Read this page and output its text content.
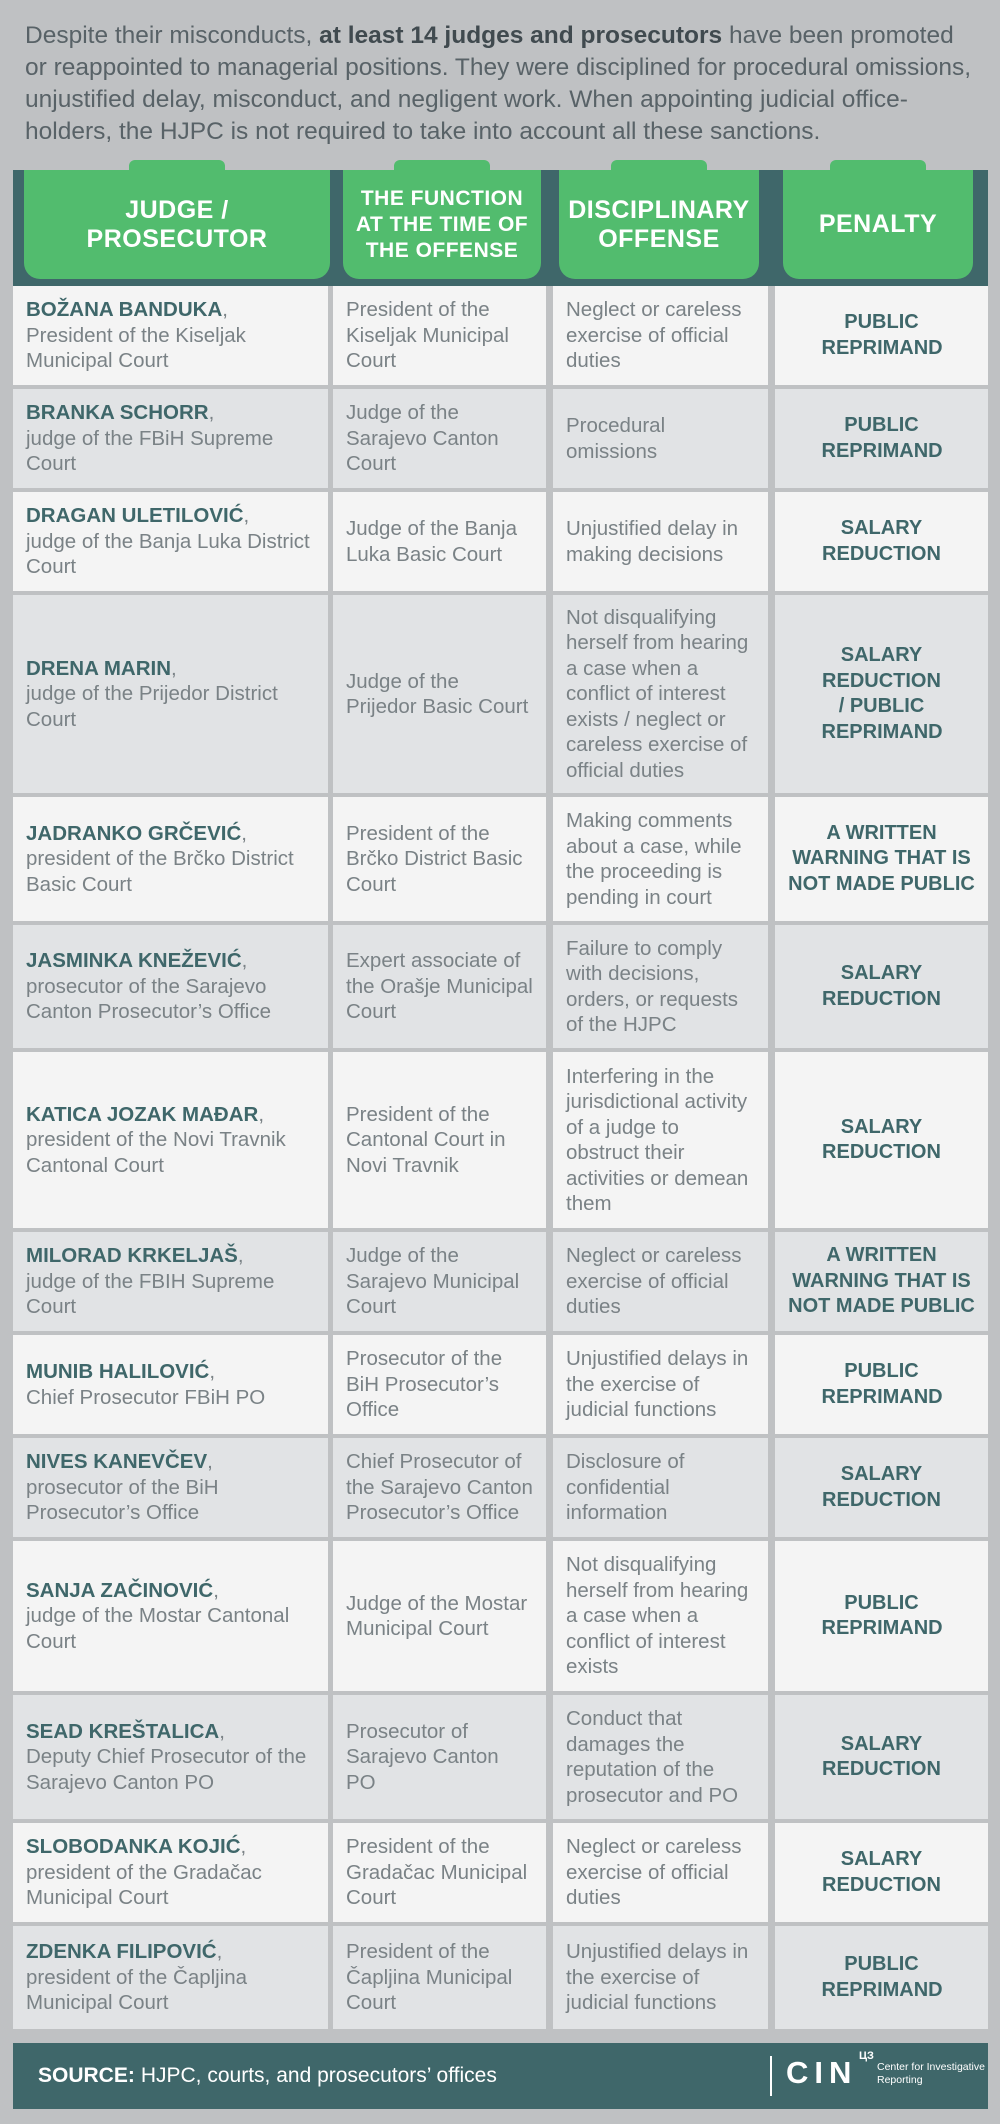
Despite their misconducts, at least 14 judges and prosecutors have been promoted or reappointed to managerial positions. They were disciplined for procedural omissions, unjustified delay, misconduct, and negligent work. When appointing judicial office-holders, the HJPC is not required to take into account all these sanctions.
JUDGE /
PROSECUTOR
THE FUNCTION
AT THE TIME OF
THE OFFENSE
DISCIPLINARY
OFFENSE
PENALTY
BOŽANA BANDUKA,
President of the Kiseljak Municipal Court
President of the Kiseljak Municipal Court
Neglect or careless exercise of official duties
PUBLIC REPRIMAND
BRANKA SCHORR,
judge of the FBiH Supreme Court
Judge of the Sarajevo Canton Court
Procedural omissions
PUBLIC REPRIMAND
DRAGAN ULETILOVIĆ,
judge of the Banja Luka District Court
Judge of the Banja Luka Basic Court
Unjustified delay in making decisions
SALARY REDUCTION
DRENA MARIN,
judge of the Prijedor District Court
Judge of the Prijedor Basic Court
Not disqualifying herself from hearing a case when a conflict of interest exists / neglect or careless exercise of official duties
SALARY REDUCTION / PUBLIC REPRIMAND
JADRANKO GRČEVIĆ,
president of the Brčko District Basic Court
President of the Brčko District Basic Court
Making comments about a case, while the proceeding is pending in court
A WRITTEN WARNING THAT IS NOT MADE PUBLIC
JASMINKA KNEŽEVIĆ,
prosecutor of the Sarajevo Canton Prosecutor’s Office
Expert associate of the Orašje Municipal Court
Failure to comply with decisions, orders, or requests of the HJPC
SALARY REDUCTION
KATICA JOZAK MAĐAR,
president of the Novi Travnik Cantonal Court
President of the Cantonal Court in Novi Travnik
Interfering in the jurisdictional activity of a judge to obstruct their activities or demean them
SALARY REDUCTION
MILORAD KRKELJAŠ,
judge of the FBIH Supreme Court
Judge of the Sarajevo Municipal Court
Neglect or careless exercise of official duties
A WRITTEN WARNING THAT IS NOT MADE PUBLIC
MUNIB HALILOVIĆ,
Chief Prosecutor FBiH PO
Prosecutor of the BiH Prosecutor’s Office
Unjustified delays in the exercise of judicial functions
PUBLIC REPRIMAND
NIVES KANEVČEV,
prosecutor of the BiH Prosecutor’s Office
Chief Prosecutor of the Sarajevo Canton Prosecutor’s Office
Disclosure of confidential information
SALARY REDUCTION
SANJA ZAČINOVIĆ,
judge of the Mostar Cantonal Court
Judge of the Mostar Municipal Court
Not disqualifying herself from hearing a case when a conflict of interest exists
PUBLIC REPRIMAND
SEAD KREŠTALICA,
Deputy Chief Prosecutor of the Sarajevo Canton PO
Prosecutor of Sarajevo Canton PO
Conduct that damages the reputation of the prosecutor and PO
SALARY REDUCTION
SLOBODANKA KOJIĆ,
president of the Gradačac Municipal Court
President of the Gradačac Municipal Court
Neglect or careless exercise of official duties
SALARY REDUCTION
ZDENKA FILIPOVIĆ,
president of the Čapljina Municipal Court
President of the Čapljina Municipal Court
Unjustified delays in the exercise of judicial functions
PUBLIC REPRIMAND
SOURCE: HJPC, courts, and prosecutors’ offices	CIN ЦЗ
Center for Investigative Reporting
